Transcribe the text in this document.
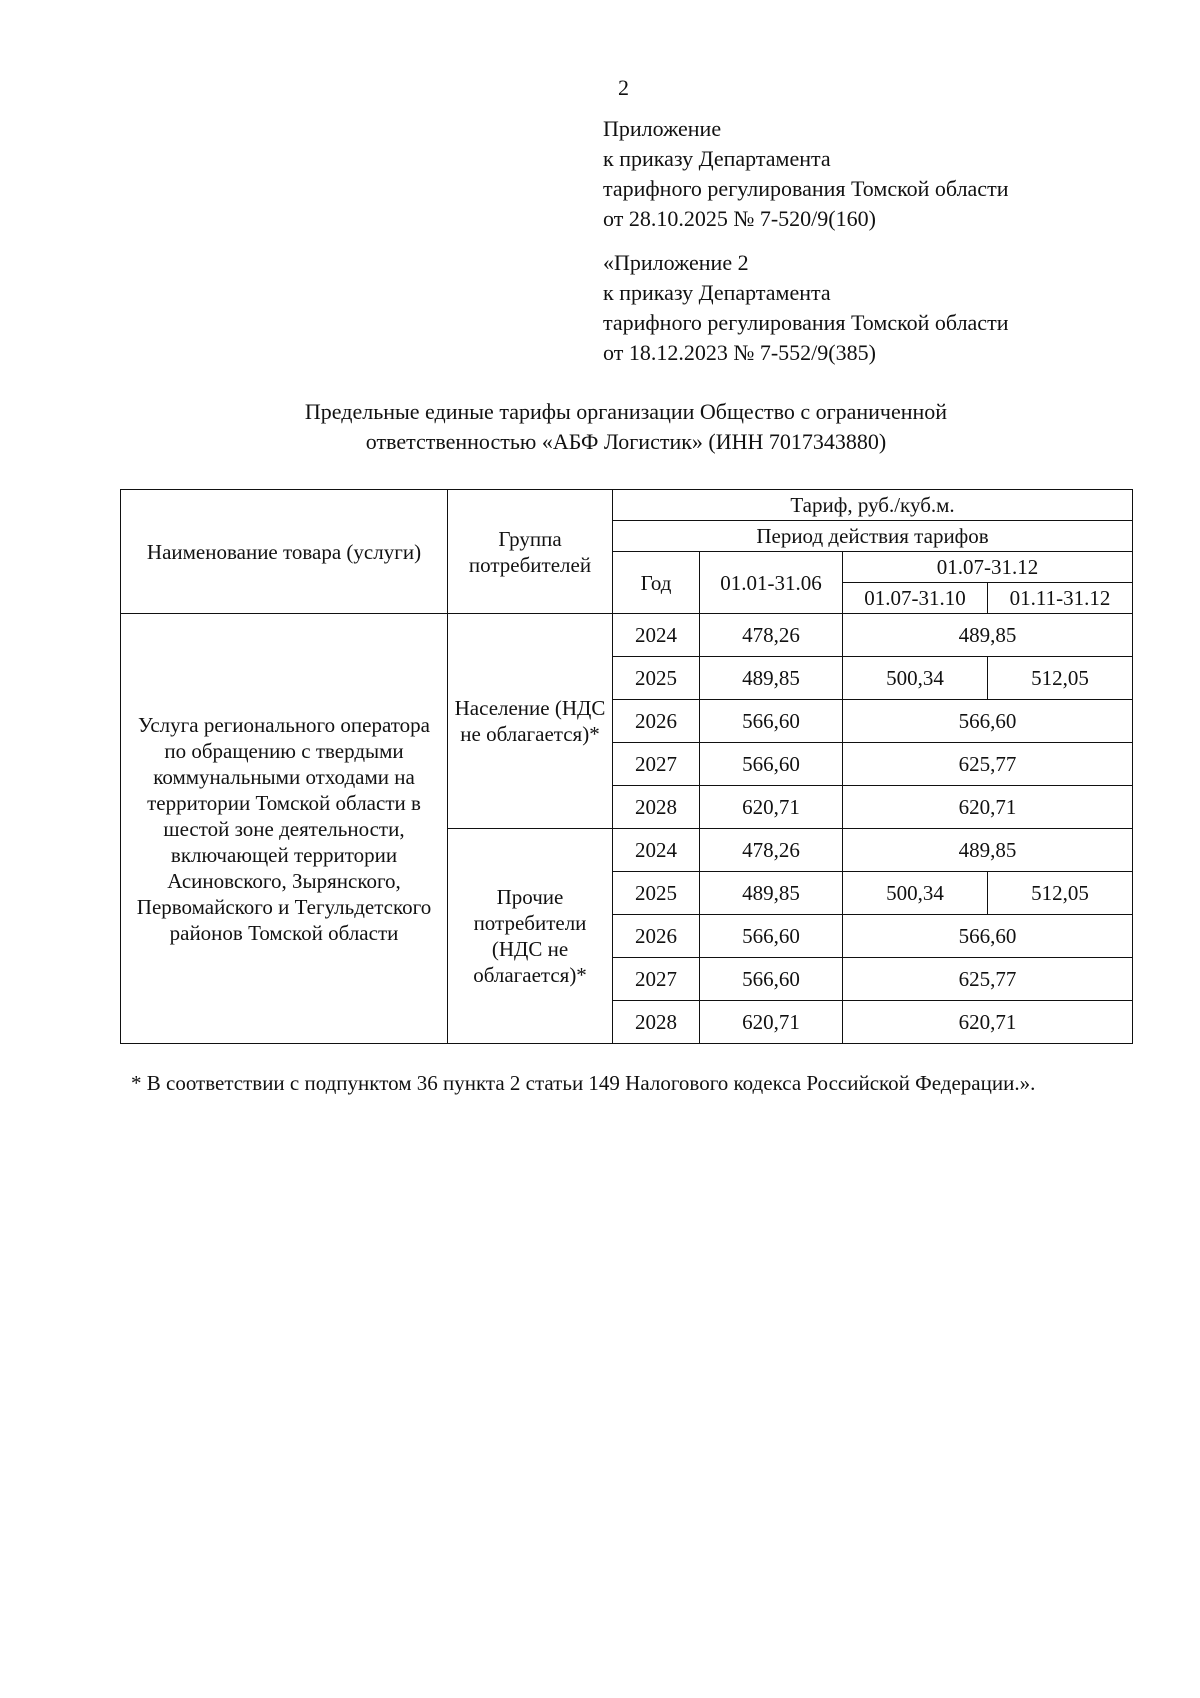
2
Приложение
к приказу Департамента
тарифного регулирования Томской области
от 28.10.2025 № 7-520/9(160)
«Приложение 2
к приказу Департамента
тарифного регулирования Томской области
от 18.12.2023 № 7-552/9(385)
Предельные единые тарифы организации Общество с ограниченной
ответственностью «АБФ Логистик» (ИНН 7017343880)
Наименование товара (услуги)	Группа потребителей	Тариф, руб./куб.м.			
		Период действия тарифов			
		Год	01.01-31.06	01.07-31.12	
				01.07-31.10	01.11-31.12
Услуга регионального оператора по обращению с твердыми коммунальными отходами на территории Томской области в шестой зоне деятельности, включающей территории Асиновского, Зырянского, Первомайского и Тегульдетского районов Томской области	Население (НДС не облагается)*	2024	478,26	489,85	
		2025	489,85	500,34	512,05
		2026	566,60	566,60	
		2027	566,60	625,77	
		2028	620,71	620,71	
	Прочие потребители (НДС не облагается)*	2024	478,26	489,85	
		2025	489,85	500,34	512,05
		2026	566,60	566,60	
		2027	566,60	625,77	
		2028	620,71	620,71	
* В соответствии с подпунктом 36 пункта 2 статьи 149 Налогового кодекса Российской Федерации.».
